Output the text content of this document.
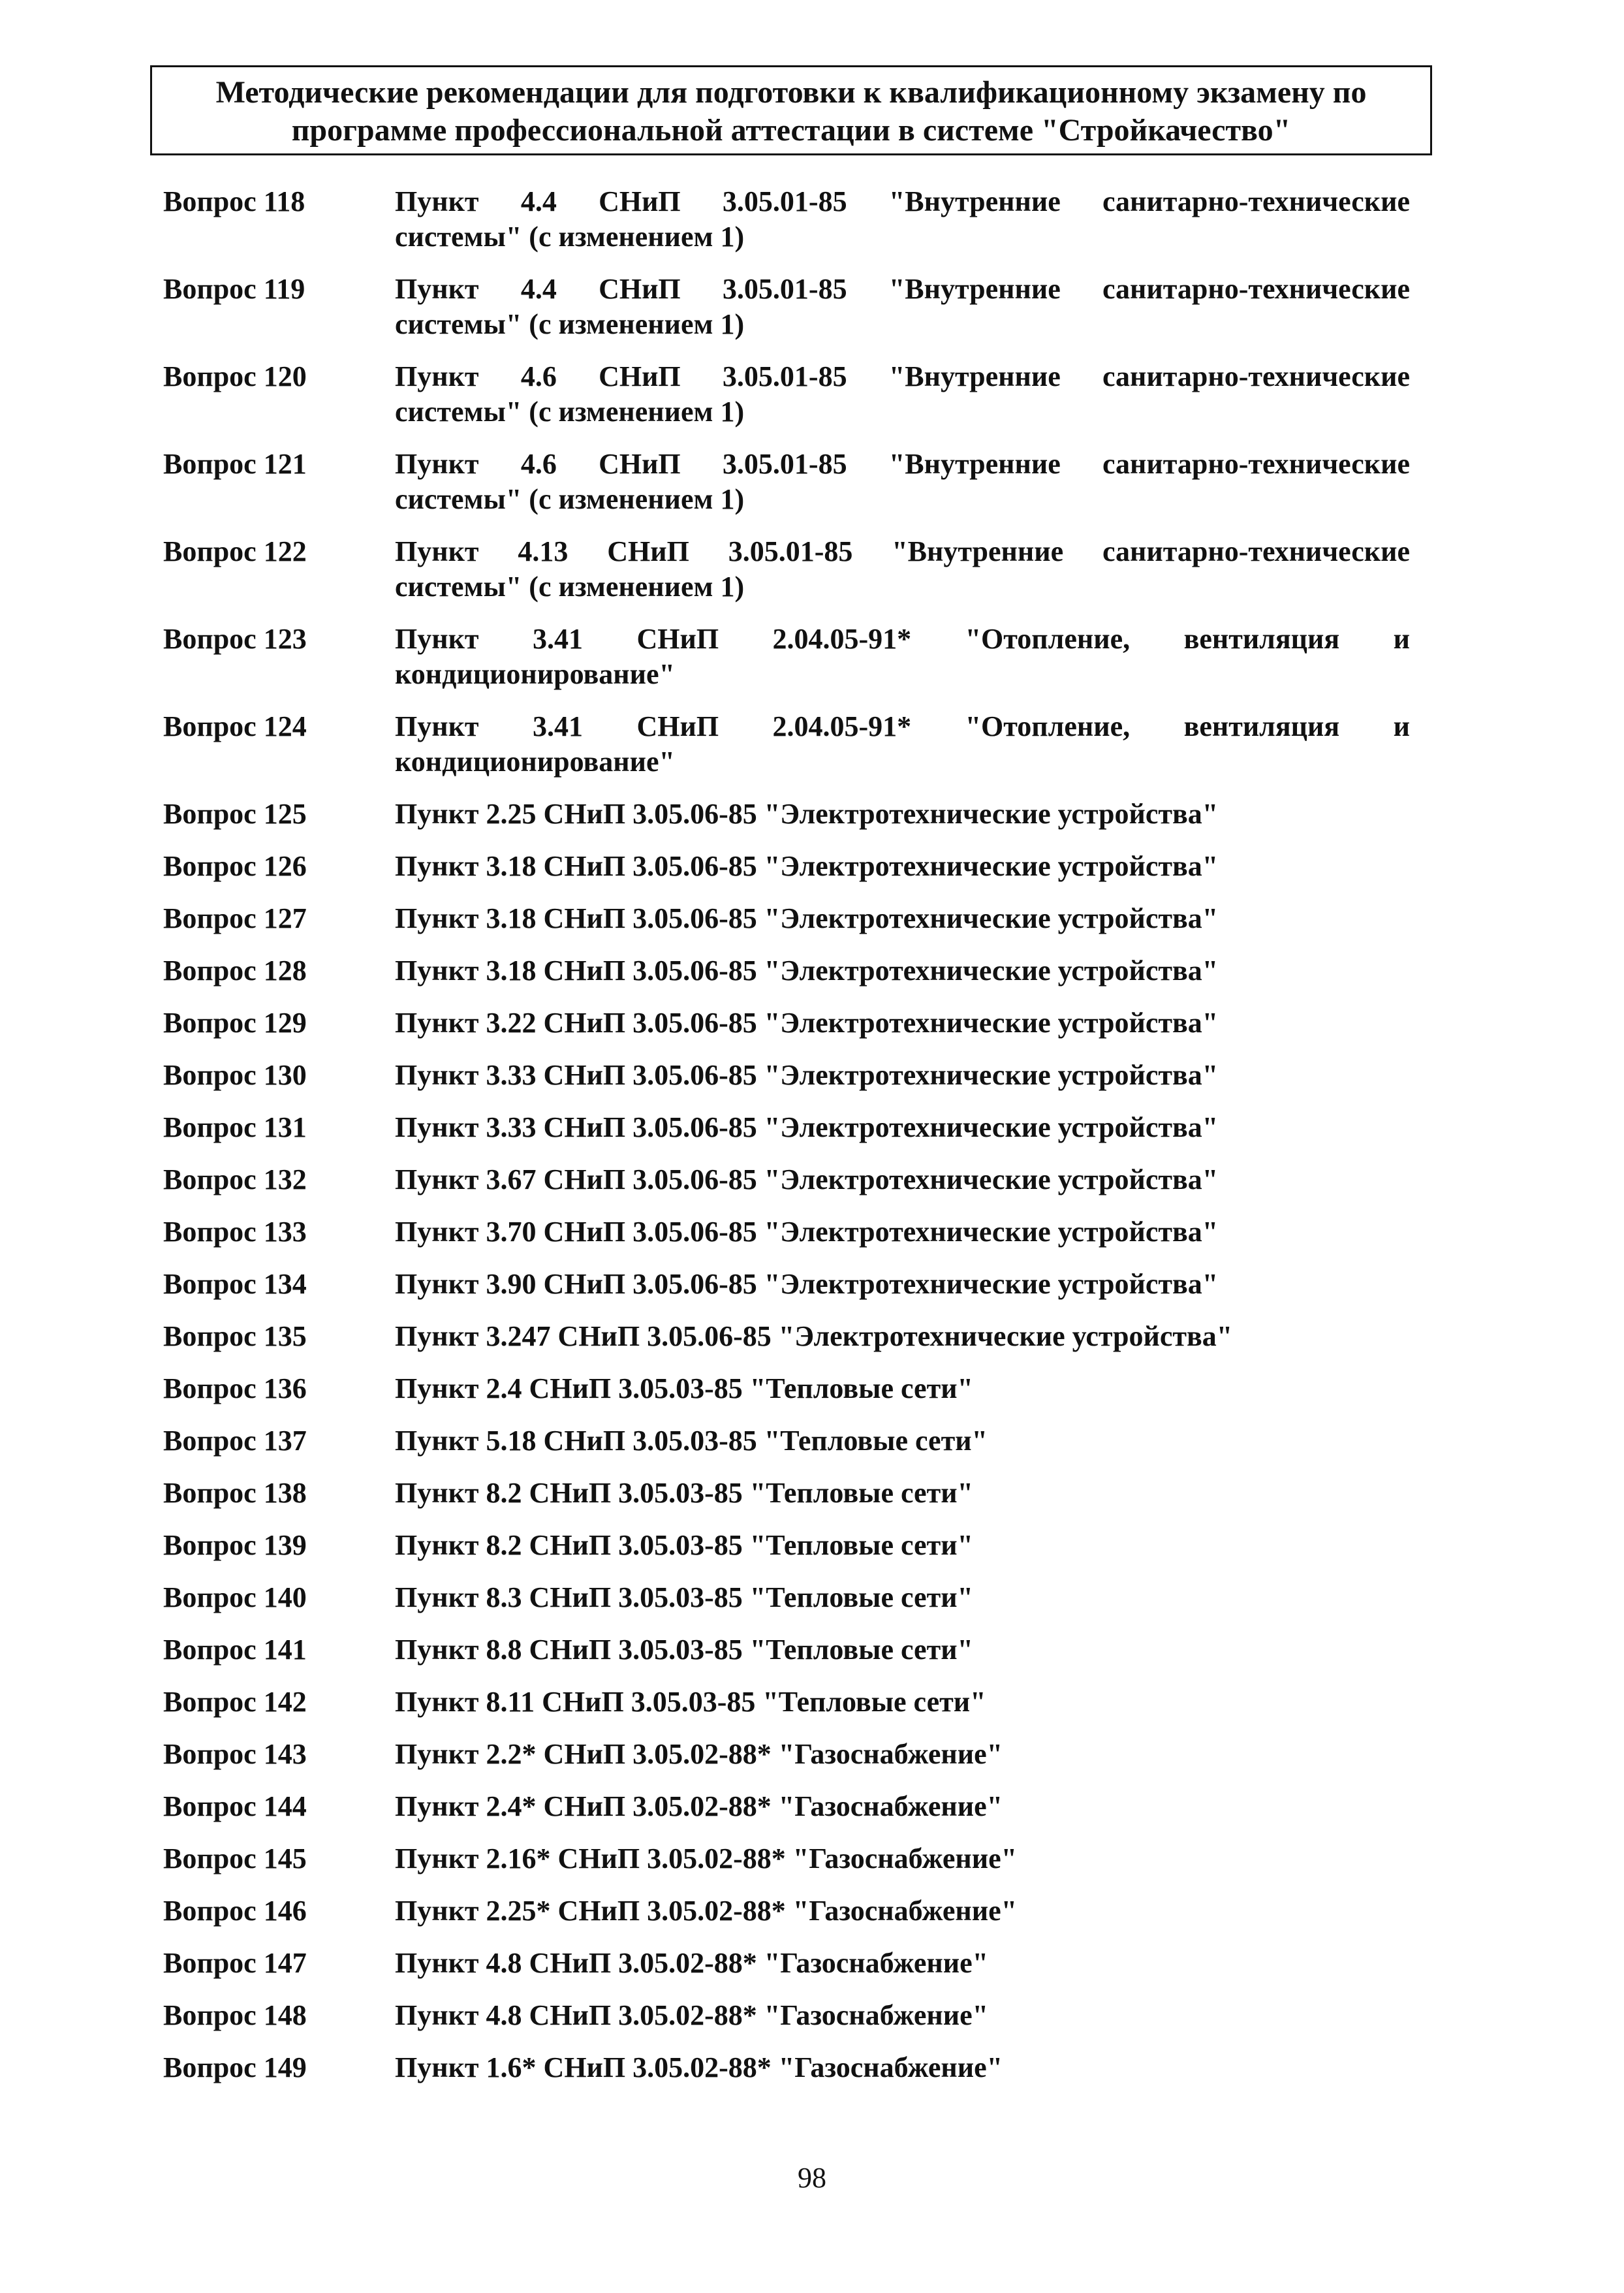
Методические рекомендации для подготовки к квалификационному экзамену по
программе профессиональной аттестации в системе "Стройкачество"
Вопрос 118	Пункт 4.4 СНиП 3.05.01-85 "Внутренние санитарно-технические
системы" (с изменением 1)
Вопрос 119	Пункт 4.4 СНиП 3.05.01-85 "Внутренние санитарно-технические
системы" (с изменением 1)
Вопрос 120	Пункт 4.6 СНиП 3.05.01-85 "Внутренние санитарно-технические
системы" (с изменением 1)
Вопрос 121	Пункт 4.6 СНиП 3.05.01-85 "Внутренние санитарно-технические
системы" (с изменением 1)
Вопрос 122	Пункт 4.13 СНиП 3.05.01-85 "Внутренние санитарно-технические
системы" (с изменением 1)
Вопрос 123	Пункт 3.41 СНиП 2.04.05-91* "Отопление, вентиляция и
кондиционирование"
Вопрос 124	Пункт 3.41 СНиП 2.04.05-91* "Отопление, вентиляция и
кондиционирование"
Вопрос 125	Пункт 2.25 СНиП 3.05.06-85 "Электротехнические устройства"
Вопрос 126	Пункт 3.18 СНиП 3.05.06-85 "Электротехнические устройства"
Вопрос 127	Пункт 3.18 СНиП 3.05.06-85 "Электротехнические устройства"
Вопрос 128	Пункт 3.18 СНиП 3.05.06-85 "Электротехнические устройства"
Вопрос 129	Пункт 3.22 СНиП 3.05.06-85 "Электротехнические устройства"
Вопрос 130	Пункт 3.33 СНиП 3.05.06-85 "Электротехнические устройства"
Вопрос 131	Пункт 3.33 СНиП 3.05.06-85 "Электротехнические устройства"
Вопрос 132	Пункт 3.67 СНиП 3.05.06-85 "Электротехнические устройства"
Вопрос 133	Пункт 3.70 СНиП 3.05.06-85 "Электротехнические устройства"
Вопрос 134	Пункт 3.90 СНиП 3.05.06-85 "Электротехнические устройства"
Вопрос 135	Пункт 3.247 СНиП 3.05.06-85 "Электротехнические устройства"
Вопрос 136	Пункт 2.4 СНиП 3.05.03-85 "Тепловые сети"
Вопрос 137	Пункт 5.18 СНиП 3.05.03-85 "Тепловые сети"
Вопрос 138	Пункт 8.2 СНиП 3.05.03-85 "Тепловые сети"
Вопрос 139	Пункт 8.2 СНиП 3.05.03-85 "Тепловые сети"
Вопрос 140	Пункт 8.3 СНиП 3.05.03-85 "Тепловые сети"
Вопрос 141	Пункт 8.8 СНиП 3.05.03-85 "Тепловые сети"
Вопрос 142	Пункт 8.11 СНиП 3.05.03-85 "Тепловые сети"
Вопрос 143	Пункт 2.2* СНиП 3.05.02-88* "Газоснабжение"
Вопрос 144	Пункт 2.4* СНиП 3.05.02-88* "Газоснабжение"
Вопрос 145	Пункт 2.16* СНиП 3.05.02-88* "Газоснабжение"
Вопрос 146	Пункт 2.25* СНиП 3.05.02-88* "Газоснабжение"
Вопрос 147	Пункт 4.8 СНиП 3.05.02-88* "Газоснабжение"
Вопрос 148	Пункт 4.8 СНиП 3.05.02-88* "Газоснабжение"
Вопрос 149	Пункт 1.6* СНиП 3.05.02-88* "Газоснабжение"
98
